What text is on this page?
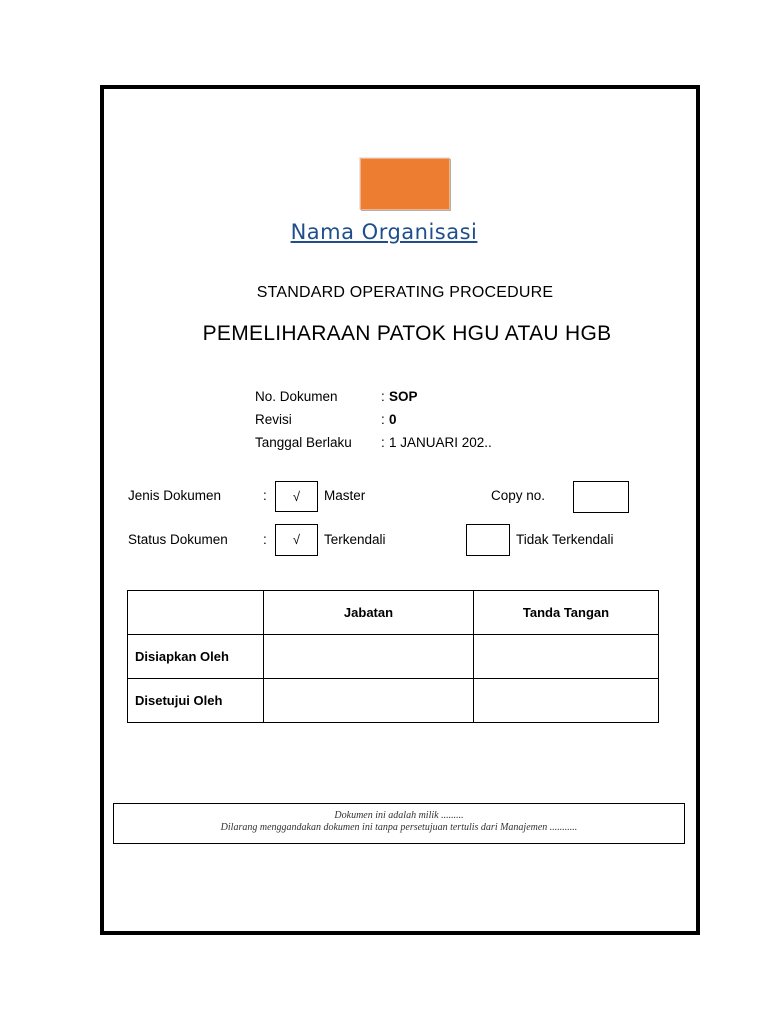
Nama Organisasi
STANDARD OPERATING PROCEDURE
PEMELIHARAAN PATOK HGU ATAU HGB
No. Dokumen	: SOP
Revisi	: 0
Tanggal Berlaku : 1 JANUARI 202..
Jenis Dokumen	:	√	Master	Copy no.
Status Dokumen	:	√	Terkendali	Tidak Terkendali
	Jabatan	Tanda Tangan
Disiapkan Oleh		
Disetujui Oleh		
Dokumen ini adalah milik .........
Dilarang menggandakan dokumen ini tanpa persetujuan tertulis dari Manajemen ...........
